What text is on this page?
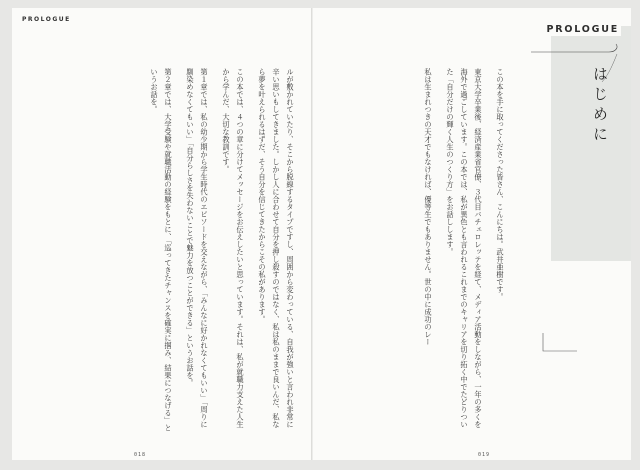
PROLOGUE

ルが敷かれていたり、そこから脱線するタイプですし、周囲から変わっている、自我が強いと言われ非常に辛い思いもしてきました。しかし人に合わせて自分を押し殺すのではなく、私は私のままで良いんだ、私なら夢を叶えられるはずだ、そう自分を信じてきたからこその私があります。

この本では、４つの章に分けてメッセージをお伝えしたいと思っています。それは、私が就職力支えた人生から学んだ、大切な教訓です。

第１章では、私の幼少期から学生時代のエピソードを交えながら、「みんなに好かれなくてもいい」「周りに馴染めなくてもいい」「自分らしさを失わないことで魅力を放つことができる」というお話を。

第２章では、大学受験や就職活動の経験をもとに、「巡ってきたチャンスを確実に掴み、結果につなげる」というお話を。

018
PROLOGUE
はじめに

この本を手に取ってくださった皆さん、こんにちは。武井亜樹です。

東京大学卒業後、経済産業省官僚、３代目バチェロレッテを経て、メディア活動をしながら、一年の多くを海外で過ごしています。この本では、私が異色とも言われるこれまでのキャリアを切り拓く中でたどりついた「自分だけの輝く人生のつくり方」をお話しします。

私は生まれつきの天才でもなければ、優等生でもありません。世の中に成功のレー

019
